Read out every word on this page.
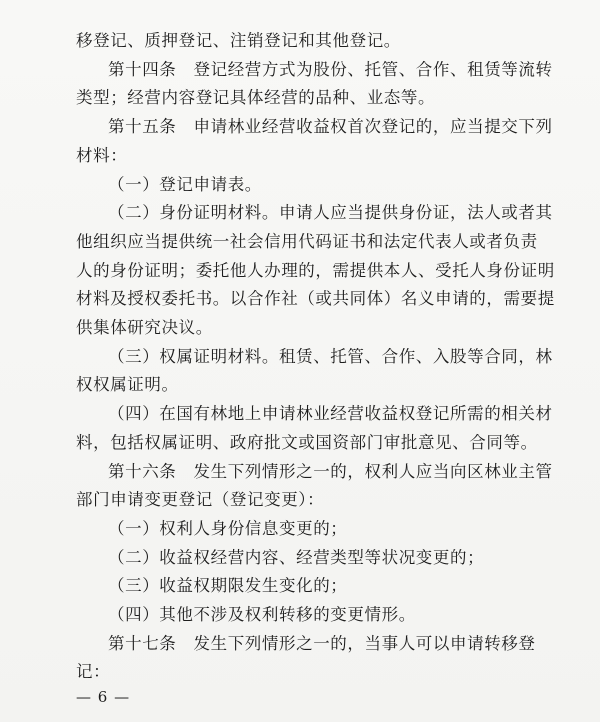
移登记、质押登记、注销登记和其他登记。
第十四条　登记经营方式为股份、托管、合作、租赁等流转
类型；经营内容登记具体经营的品种、业态等。
第十五条　申请林业经营收益权首次登记的，应当提交下列
材料：
（一）登记申请表。
（二）身份证明材料。申请人应当提供身份证，法人或者其
他组织应当提供统一社会信用代码证书和法定代表人或者负责
人的身份证明；委托他人办理的，需提供本人、受托人身份证明
材料及授权委托书。以合作社（或共同体）名义申请的，需要提
供集体研究决议。
（三）权属证明材料。租赁、托管、合作、入股等合同，林
权权属证明。
（四）在国有林地上申请林业经营收益权登记所需的相关材
料，包括权属证明、政府批文或国资部门审批意见、合同等。
第十六条　发生下列情形之一的，权利人应当向区林业主管
部门申请变更登记（登记变更）：
（一）权利人身份信息变更的；
（二）收益权经营内容、经营类型等状况变更的；
（三）收益权期限发生变化的；
（四）其他不涉及权利转移的变更情形。
第十七条　发生下列情形之一的，当事人可以申请转移登
记：
— 6 —
